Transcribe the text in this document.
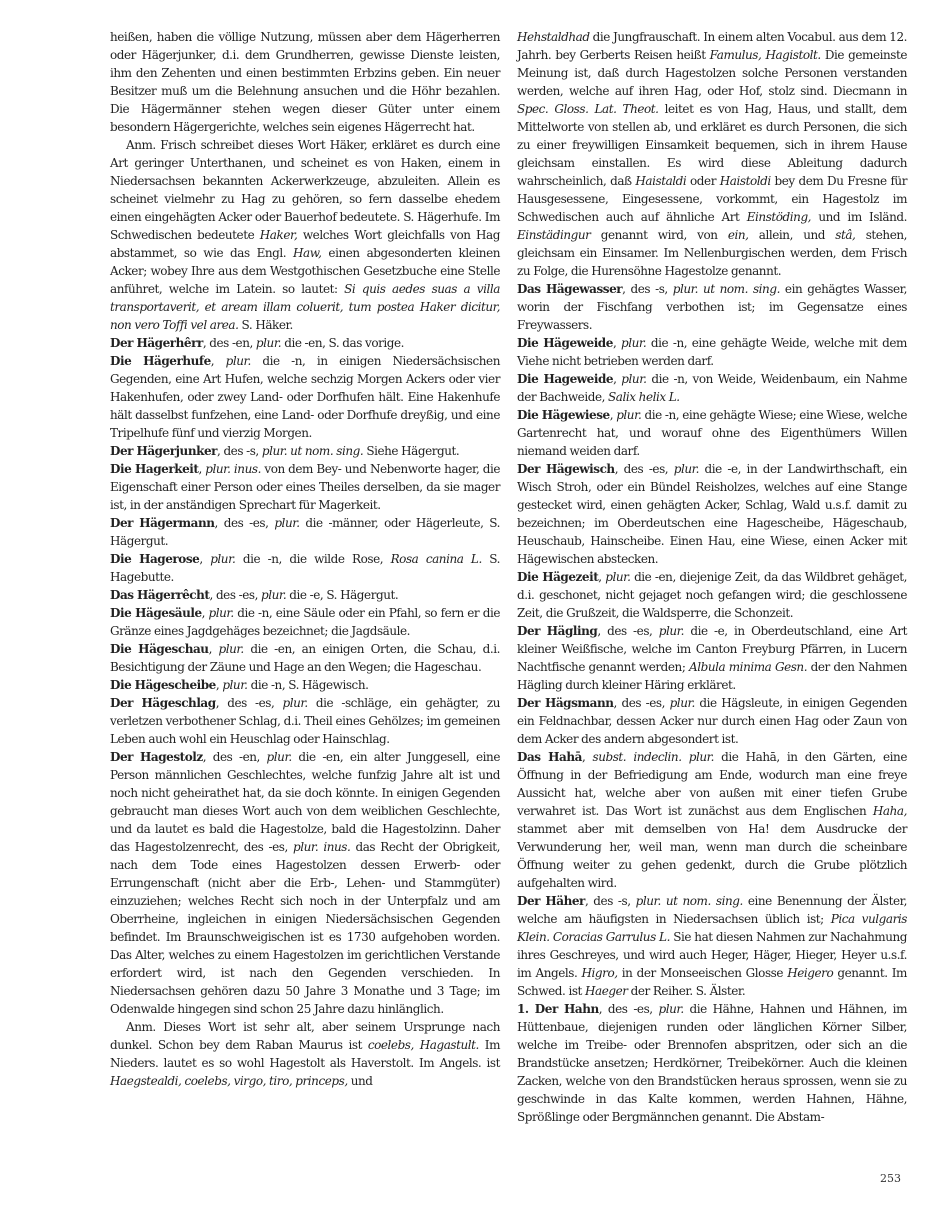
heißen, haben die völlige Nutzung, müssen aber dem Hägerherren oder Hägerjunker, d.i. dem Grundherren, gewisse Dienste leisten, ihm den Zehenten und einen bestimmten Erbzins geben. Ein neuer Besitzer muß um die Belehnung ansuchen und die Höhr bezahlen. Die Hägermänner stehen wegen dieser Güter unter einem besondern Hägergerichte, welches sein eigenes Hägerrecht hat.

Anm. Frisch schreibet dieses Wort Häker, erkläret es durch eine Art geringer Unterthanen, und scheinet es von Haken, einem in Niedersachsen bekannten Ackerwerkzeuge, abzuleiten. Allein es scheinet vielmehr zu Hag zu gehören, so fern dasselbe ehedem einen eingehägten Acker oder Bauerhof bedeutete. S. Hägerhufe. Im Schwedischen bedeutete Haker, welches Wort gleichfalls von Hag abstammet, so wie das Engl. Haw, einen abgesonderten kleinen Acker; wobey Ihre aus dem Westgothischen Gesetzbuche eine Stelle anführet, welche im Latein. so lautet: Si quis aedes suas a villa transportaverit, et aream illam coluerit, tum postea Haker dicitur, non vero Toffi vel area. S. Häker.

Der Hägerhêrr, des -en, plur. die -en, S. das vorige.

Die Hägerhufe, plur. die -n, in einigen Niedersächsischen Gegenden, eine Art Hufen, welche sechzig Morgen Ackers oder vier Hakenhufen, oder zwey Land- oder Dorfhufen hält. Eine Hakenhufe hält dasselbst funfzehen, eine Land- oder Dorfhufe dreyßig, und eine Tripelhufe fünf und vierzig Morgen.

Der Hägerjunker, des -s, plur. ut nom. sing. Siehe Hägergut.

Die Hagerkeit, plur. inus. von dem Bey- und Nebenworte hager, die Eigenschaft einer Person oder eines Theiles derselben, da sie mager ist, in der anständigen Sprechart für Magerkeit.

Der Hägermann, des -es, plur. die -männer, oder Hägerleute, S. Hägergut.

Die Hagerose, plur. die -n, die wilde Rose, Rosa canina L. S. Hagebutte.

Das Hägerrêcht, des -es, plur. die -e, S. Hägergut.

Die Hägesäule, plur. die -n, eine Säule oder ein Pfahl, so fern er die Gränze eines Jagdgehäges bezeichnet; die Jagdsäule.

Die Hägeschau, plur. die -en, an einigen Orten, die Schau, d.i. Besichtigung der Zäune und Hage an den Wegen; die Hageschau.

Die Hägescheibe, plur. die -n, S. Hägewisch.

Der Hägeschlag, des -es, plur. die -schläge, ein gehägter, zu verletzen verbothener Schlag, d.i. Theil eines Gehölzes; im gemeinen Leben auch wohl ein Heuschlag oder Hainschlag.

Der Hagestolz, des -en, plur. die -en, ein alter Junggesell, eine Person männlichen Geschlechtes, welche funfzig Jahre alt ist und noch nicht geheirathet hat, da sie doch könnte. In einigen Gegenden gebraucht man dieses Wort auch von dem weiblichen Geschlechte, und da lautet es bald die Hagestolze, bald die Hagestolzinn. Daher das Hagestolzenrecht, des -es, plur. inus. das Recht der Obrigkeit, nach dem Tode eines Hagestolzen dessen Erwerb- oder Errungenschaft (nicht aber die Erb-, Lehen- und Stammgüter) einzuziehen; welches Recht sich noch in der Unterpfalz und am Oberrheine, ingleichen in einigen Niedersächsischen Gegenden befindet. Im Braunschweigischen ist es 1730 aufgehoben worden. Das Alter, welches zu einem Hagestolzen im gerichtlichen Verstande erfordert wird, ist nach den Gegenden verschieden. In Niedersachsen gehören dazu 50 Jahre 3 Monathe und 3 Tage; im Odenwalde hingegen sind schon 25 Jahre dazu hinlänglich.

Anm. Dieses Wort ist sehr alt, aber seinem Ursprunge nach dunkel. Schon bey dem Raban Maurus ist coelebs, Hagastult. Im Nieders. lautet es so wohl Hagestolt als Haverstolt. Im Angels. ist Haegstealdi, coelebs, virgo, tiro, princeps, und

Hehstaldhad die Jungfrauschaft. In einem alten Vocabul. aus dem 12. Jahrh. bey Gerberts Reisen heißt Famulus, Hagistolt. Die gemeinste Meinung ist, daß durch Hagestolzen solche Personen verstanden werden, welche auf ihren Hag, oder Hof, stolz sind. Diecmann in Spec. Gloss. Lat. Theot. leitet es von Hag, Haus, und stallt, dem Mittelworte von stellen ab, und erkläret es durch Personen, die sich zu einer freywilligen Einsamkeit bequemen, sich in ihrem Hause gleichsam einstallen. Es wird diese Ableitung dadurch wahrscheinlich, daß Haistaldi oder Haistoldi bey dem Du Fresne für Hausgesessene, Eingesessene, vorkommt, ein Hagestolz im Schwedischen auch auf ähnliche Art Einstöding, und im Isländ. Einstädingur genannt wird, von ein, allein, und stâ, stehen, gleichsam ein Einsamer. Im Nellenburgischen werden, dem Frisch zu Folge, die Hurensöhne Hagestolze genannt.

Das Hägewasser, des -s, plur. ut nom. sing. ein gehägtes Wasser, worin der Fischfang verbothen ist; im Gegensatze eines Freywassers.

Die Hägeweide, plur. die -n, eine gehägte Weide, welche mit dem Viehe nicht betrieben werden darf.

Die Hageweide, plur. die -n, von Weide, Weidenbaum, ein Nahme der Bachweide, Salix helix L.

Die Hägewiese, plur. die -n, eine gehägte Wiese; eine Wiese, welche Gartenrecht hat, und worauf ohne des Eigenthümers Willen niemand weiden darf.

Der Hägewisch, des -es, plur. die -e, in der Landwirthschaft, ein Wisch Stroh, oder ein Bündel Reisholzes, welches auf eine Stange gestecket wird, einen gehägten Acker, Schlag, Wald u.s.f. damit zu bezeichnen; im Oberdeutschen eine Hagescheibe, Hägeschaub, Heuschaub, Hainscheibe. Einen Hau, eine Wiese, einen Acker mit Hägewischen abstecken.

Die Hägezeit, plur. die -en, diejenige Zeit, da das Wildbret gehäget, d.i. geschonet, nicht gejaget noch gefangen wird; die geschlossene Zeit, die Grußzeit, die Waldsperre, die Schonzeit.

Der Hägling, des -es, plur. die -e, in Oberdeutschland, eine Art kleiner Weißfische, welche im Canton Freyburg Pfärren, in Lucern Nachtfische genannt werden; Albula minima Gesn. der den Nahmen Hägling durch kleiner Häring erkläret.

Der Hägsmann, des -es, plur. die Hägsleute, in einigen Gegenden ein Feldnachbar, dessen Acker nur durch einen Hag oder Zaun von dem Acker des andern abgesondert ist.

Das Hahā, subst. indeclin. plur. die Hahā, in den Gärten, eine Öffnung in der Befriedigung am Ende, wodurch man eine freye Aussicht hat, welche aber von außen mit einer tiefen Grube verwahret ist. Das Wort ist zunächst aus dem Englischen Haha, stammet aber mit demselben von Ha! dem Ausdrucke der Verwunderung her, weil man, wenn man durch die scheinbare Öffnung weiter zu gehen gedenkt, durch die Grube plötzlich aufgehalten wird.

Der Häher, des -s, plur. ut nom. sing. eine Benennung der Älster, welche am häufigsten in Niedersachsen üblich ist; Pica vulgaris Klein. Coracias Garrulus L. Sie hat diesen Nahmen zur Nachahmung ihres Geschreyes, und wird auch Heger, Häger, Hieger, Heyer u.s.f. im Angels. Higro, in der Monseeischen Glosse Heigero genannt. Im Schwed. ist Haeger der Reiher. S. Älster.

1. Der Hahn, des -es, plur. die Hähne, Hahnen und Hähnen, im Hüttenbaue, diejenigen runden oder länglichen Körner Silber, welche im Treibe- oder Brennofen abspritzen, oder sich an die Brandstücke ansetzen; Herdkörner, Treibekörner. Auch die kleinen Zacken, welche von den Brandstücken heraus sprossen, wenn sie zu geschwinde in das Kalte kommen, werden Hahnen, Hähne, Sprößlinge oder Bergmännchen genannt. Die Abstam-

253
